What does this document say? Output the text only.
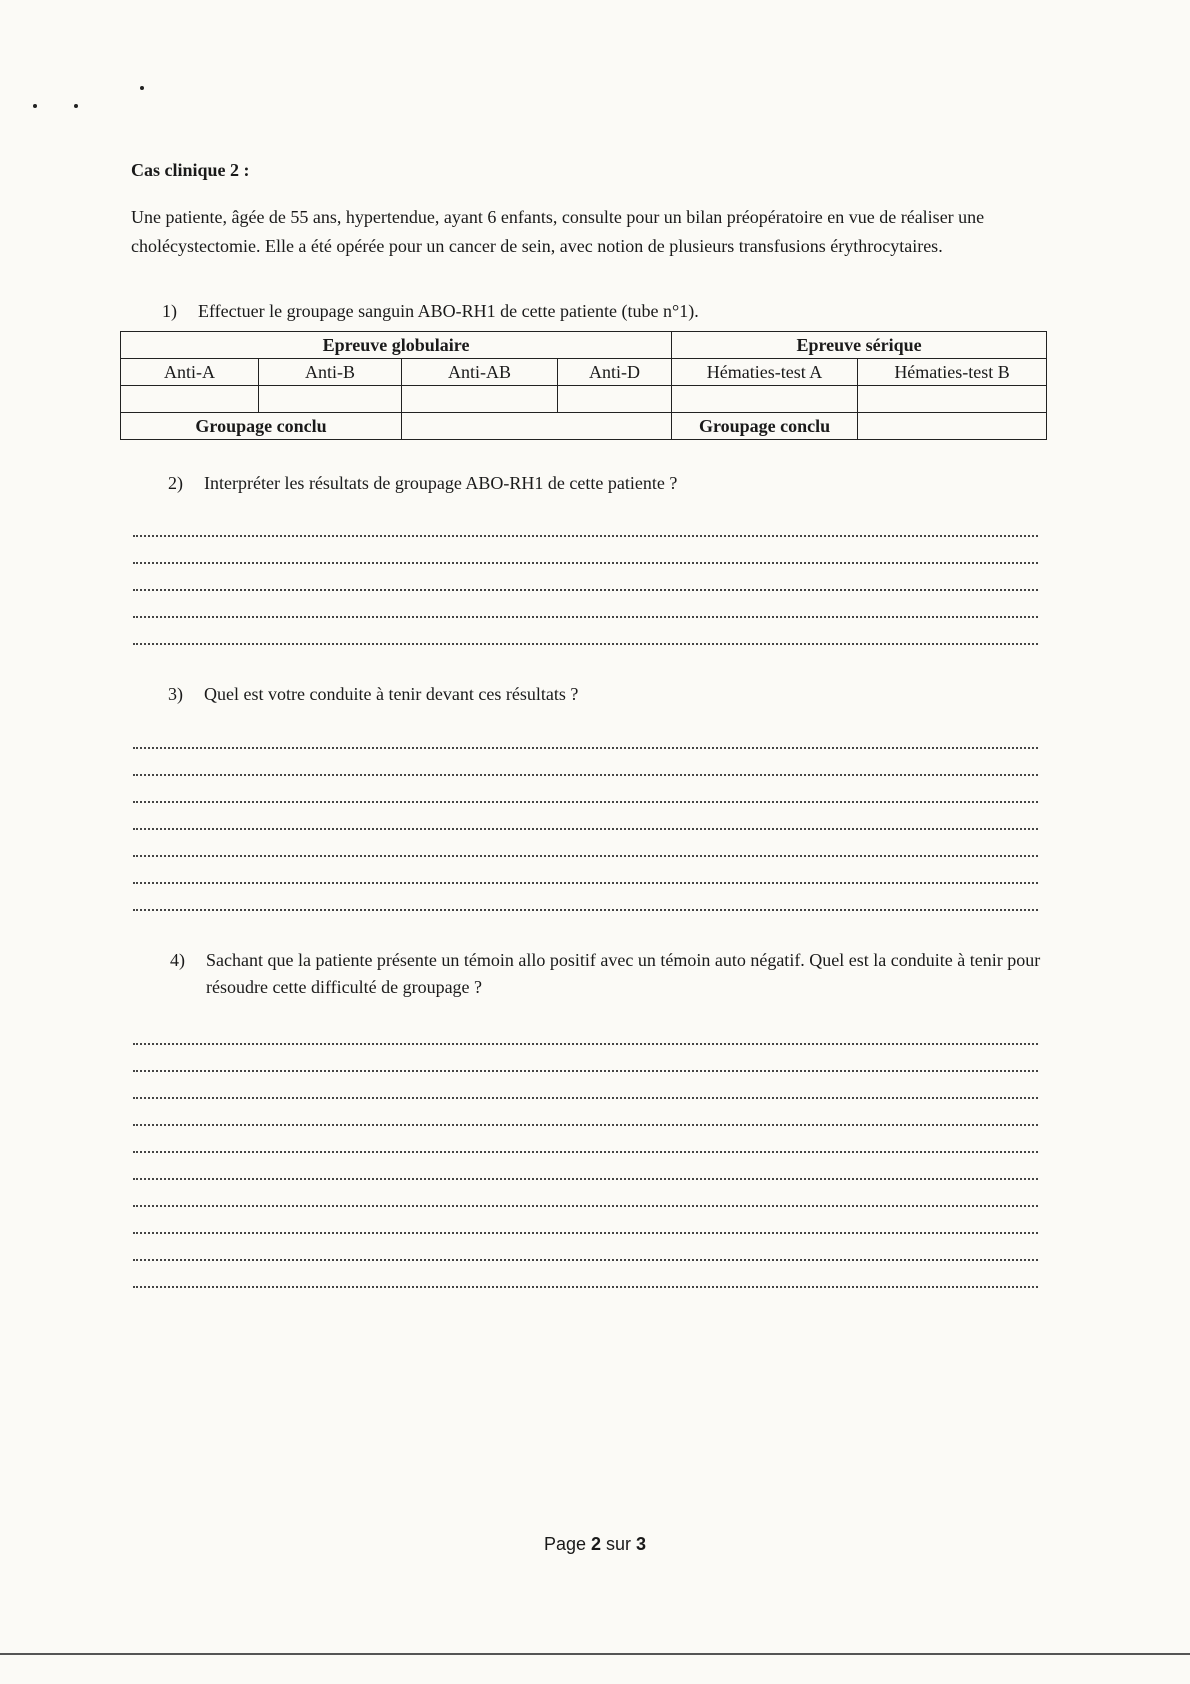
Cas clinique 2 :
Une patiente, âgée de 55 ans, hypertendue, ayant 6 enfants, consulte pour un bilan préopératoire en vue de réaliser une cholécystectomie. Elle a été opérée pour un cancer de sein, avec notion de plusieurs transfusions érythrocytaires.
1) Effectuer le groupage sanguin ABO-RH1 de cette patiente (tube n°1).
Epreuve globulaire				Epreuve sérique	
Anti-A	Anti-B	Anti-AB	Anti-D	Hématies-test A	Hématies-test B

Groupage conclu				Groupage conclu	
2) Interpréter les résultats de groupage ABO-RH1 de cette patiente ?
3) Quel est votre conduite à tenir devant ces résultats ?
4) Sachant que la patiente présente un témoin allo positif avec un témoin auto négatif. Quel est la conduite à tenir pour résoudre cette difficulté de groupage ?
Page 2 sur 3
